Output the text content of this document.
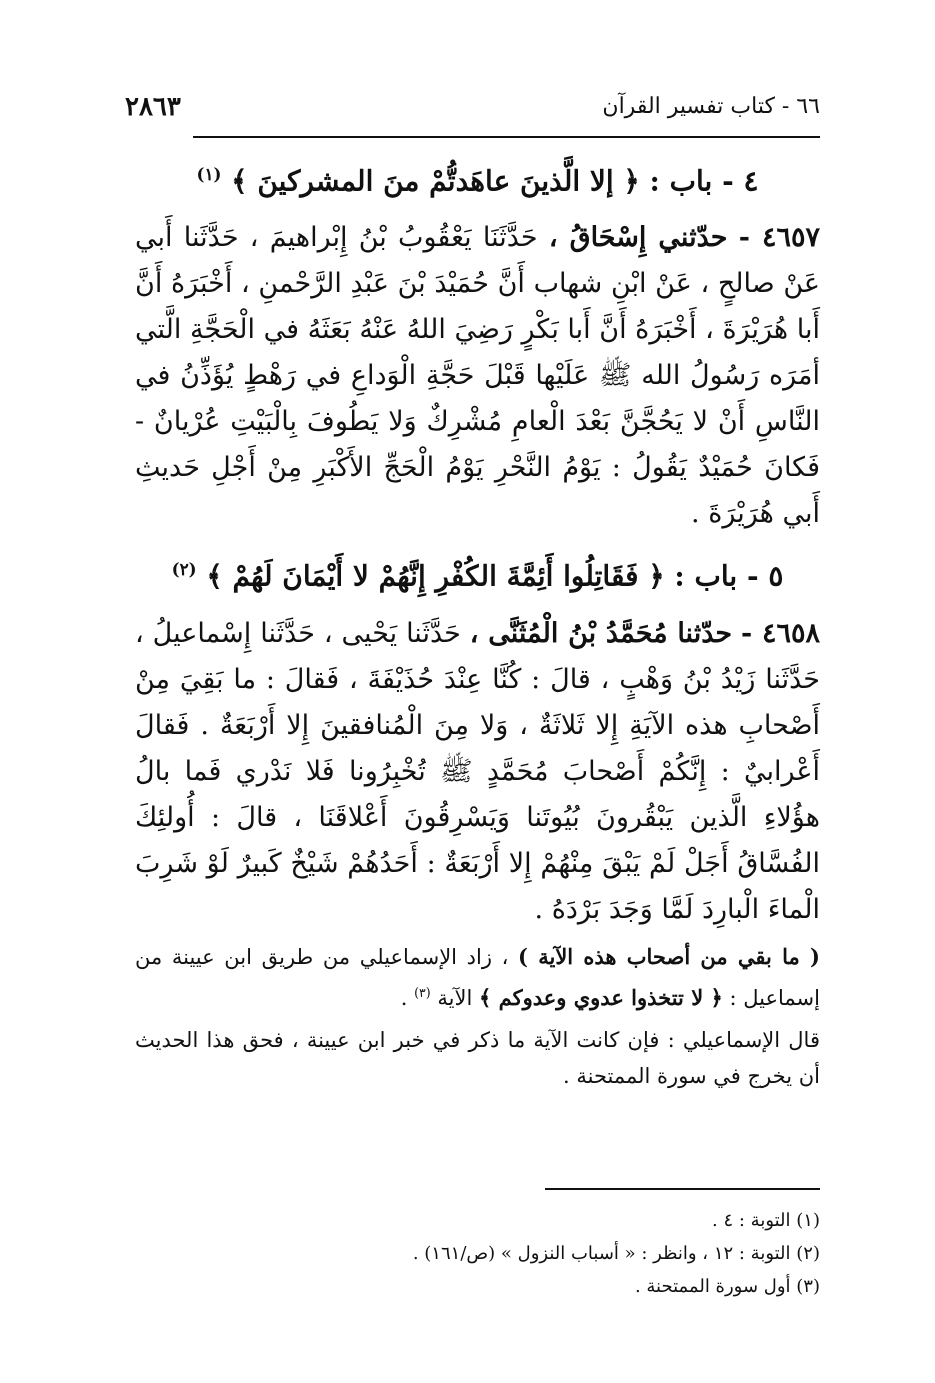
٦٦ - كتاب تفسير القرآن
٢٨٦٣

٤ - باب : ﴿ إلا الَّذينَ عاهَدتُّمْ منَ المشركينَ ﴾ $^{(١)}$

٤٦٥٧ - حدّثني إِسْحَاقُ ، حَدَّثَنَا يَعْقُوبُ بْنُ إِبْراهيمَ ، حَدَّثَنا أَبي عَنْ صالحٍ ، عَنْ ابْنِ شهاب أَنَّ حُمَيْدَ بْنَ عَبْدِ الرَّحْمنِ ، أَخْبَرَهُ أَنَّ أَبا هُرَيْرَةَ ، أَخْبَرَهُ أَنَّ أَبا بَكْرٍ رَضِيَ اللهُ عَنْهُ بَعَثَهُ في الْحَجَّةِ الَّتي أمَرَه رَسُولُ الله ﷺ عَلَيْها قَبْلَ حَجَّةِ الْوَداعِ في رَهْطٍ يُؤَذِّنُ في النَّاسِ أَنْ لا يَحُجَّنَّ بَعْدَ الْعامِ مُشْرِكٌ وَلا يَطُوفَ بِالْبَيْتِ عُرْيانٌ - فَكانَ حُمَيْدٌ يَقُولُ : يَوْمُ النَّحْرِ يَوْمُ الْحَجِّ الأَكْبَرِ مِنْ أَجْلِ حَديثِ أَبي هُرَيْرَةَ .

٥ - باب : ﴿ فَقَاتِلُوا أَئِمَّةَ الكُفْرِ إِنَّهُمْ لا أَيْمَانَ لَهُمْ ﴾ $^{(٢)}$

٤٦٥٨ - حدّثنا مُحَمَّدُ بْنُ الْمُثَنَّى ، حَدَّثَنا يَحْيى ، حَدَّثَنا إِسْماعيلُ ، حَدَّثَنا زَيْدُ بْنُ وَهْبٍ ، قالَ : كُنَّا عِنْدَ حُذَيْفَةَ ، فَقالَ : ما بَقِيَ مِنْ أَصْحابِ هذه الآيَةِ إِلا ثَلاثَةٌ ، وَلا مِنَ الْمُنافقينَ إِلا أَرْبَعَةٌ . فَقالَ أَعْرابيٌ : إِنَّكُمْ أَصْحابَ مُحَمَّدٍ ﷺ تُخْبِرُونا فَلا نَدْري فَما بالُ هؤُلاءِ الَّذين يَبْقُرونَ بُيُوتَنا وَيَسْرِقُونَ أَعْلاقَنَا ، قالَ : أُولئِكَ الفُسَّاقُ أَجَلْ لَمْ يَبْقَ مِنْهُمْ إِلا أَرْبَعَةٌ : أَحَدُهُمْ شَيْخٌ كَبيرٌ لَوْ شَرِبَ الْماءَ الْبارِدَ لَمَّا وَجَدَ بَرْدَهُ .

( ما بقي من أصحاب هذه الآية ) ، زاد الإسماعيلي من طريق ابن عيينة من إسماعيل : ﴿ لا تتخذوا عدوي وعدوكم ﴾ الآية $^{(٣)}$ .

قال الإسماعيلي : فإن كانت الآية ما ذكر في خبر ابن عيينة ، فحق هذا الحديث أن يخرج في سورة الممتحنة .

(١) التوبة : ٤ .

(٢) التوبة : ١٢ ، وانظر : « أسباب النزول » (ص/١٦١) .

(٣) أول سورة الممتحنة .
